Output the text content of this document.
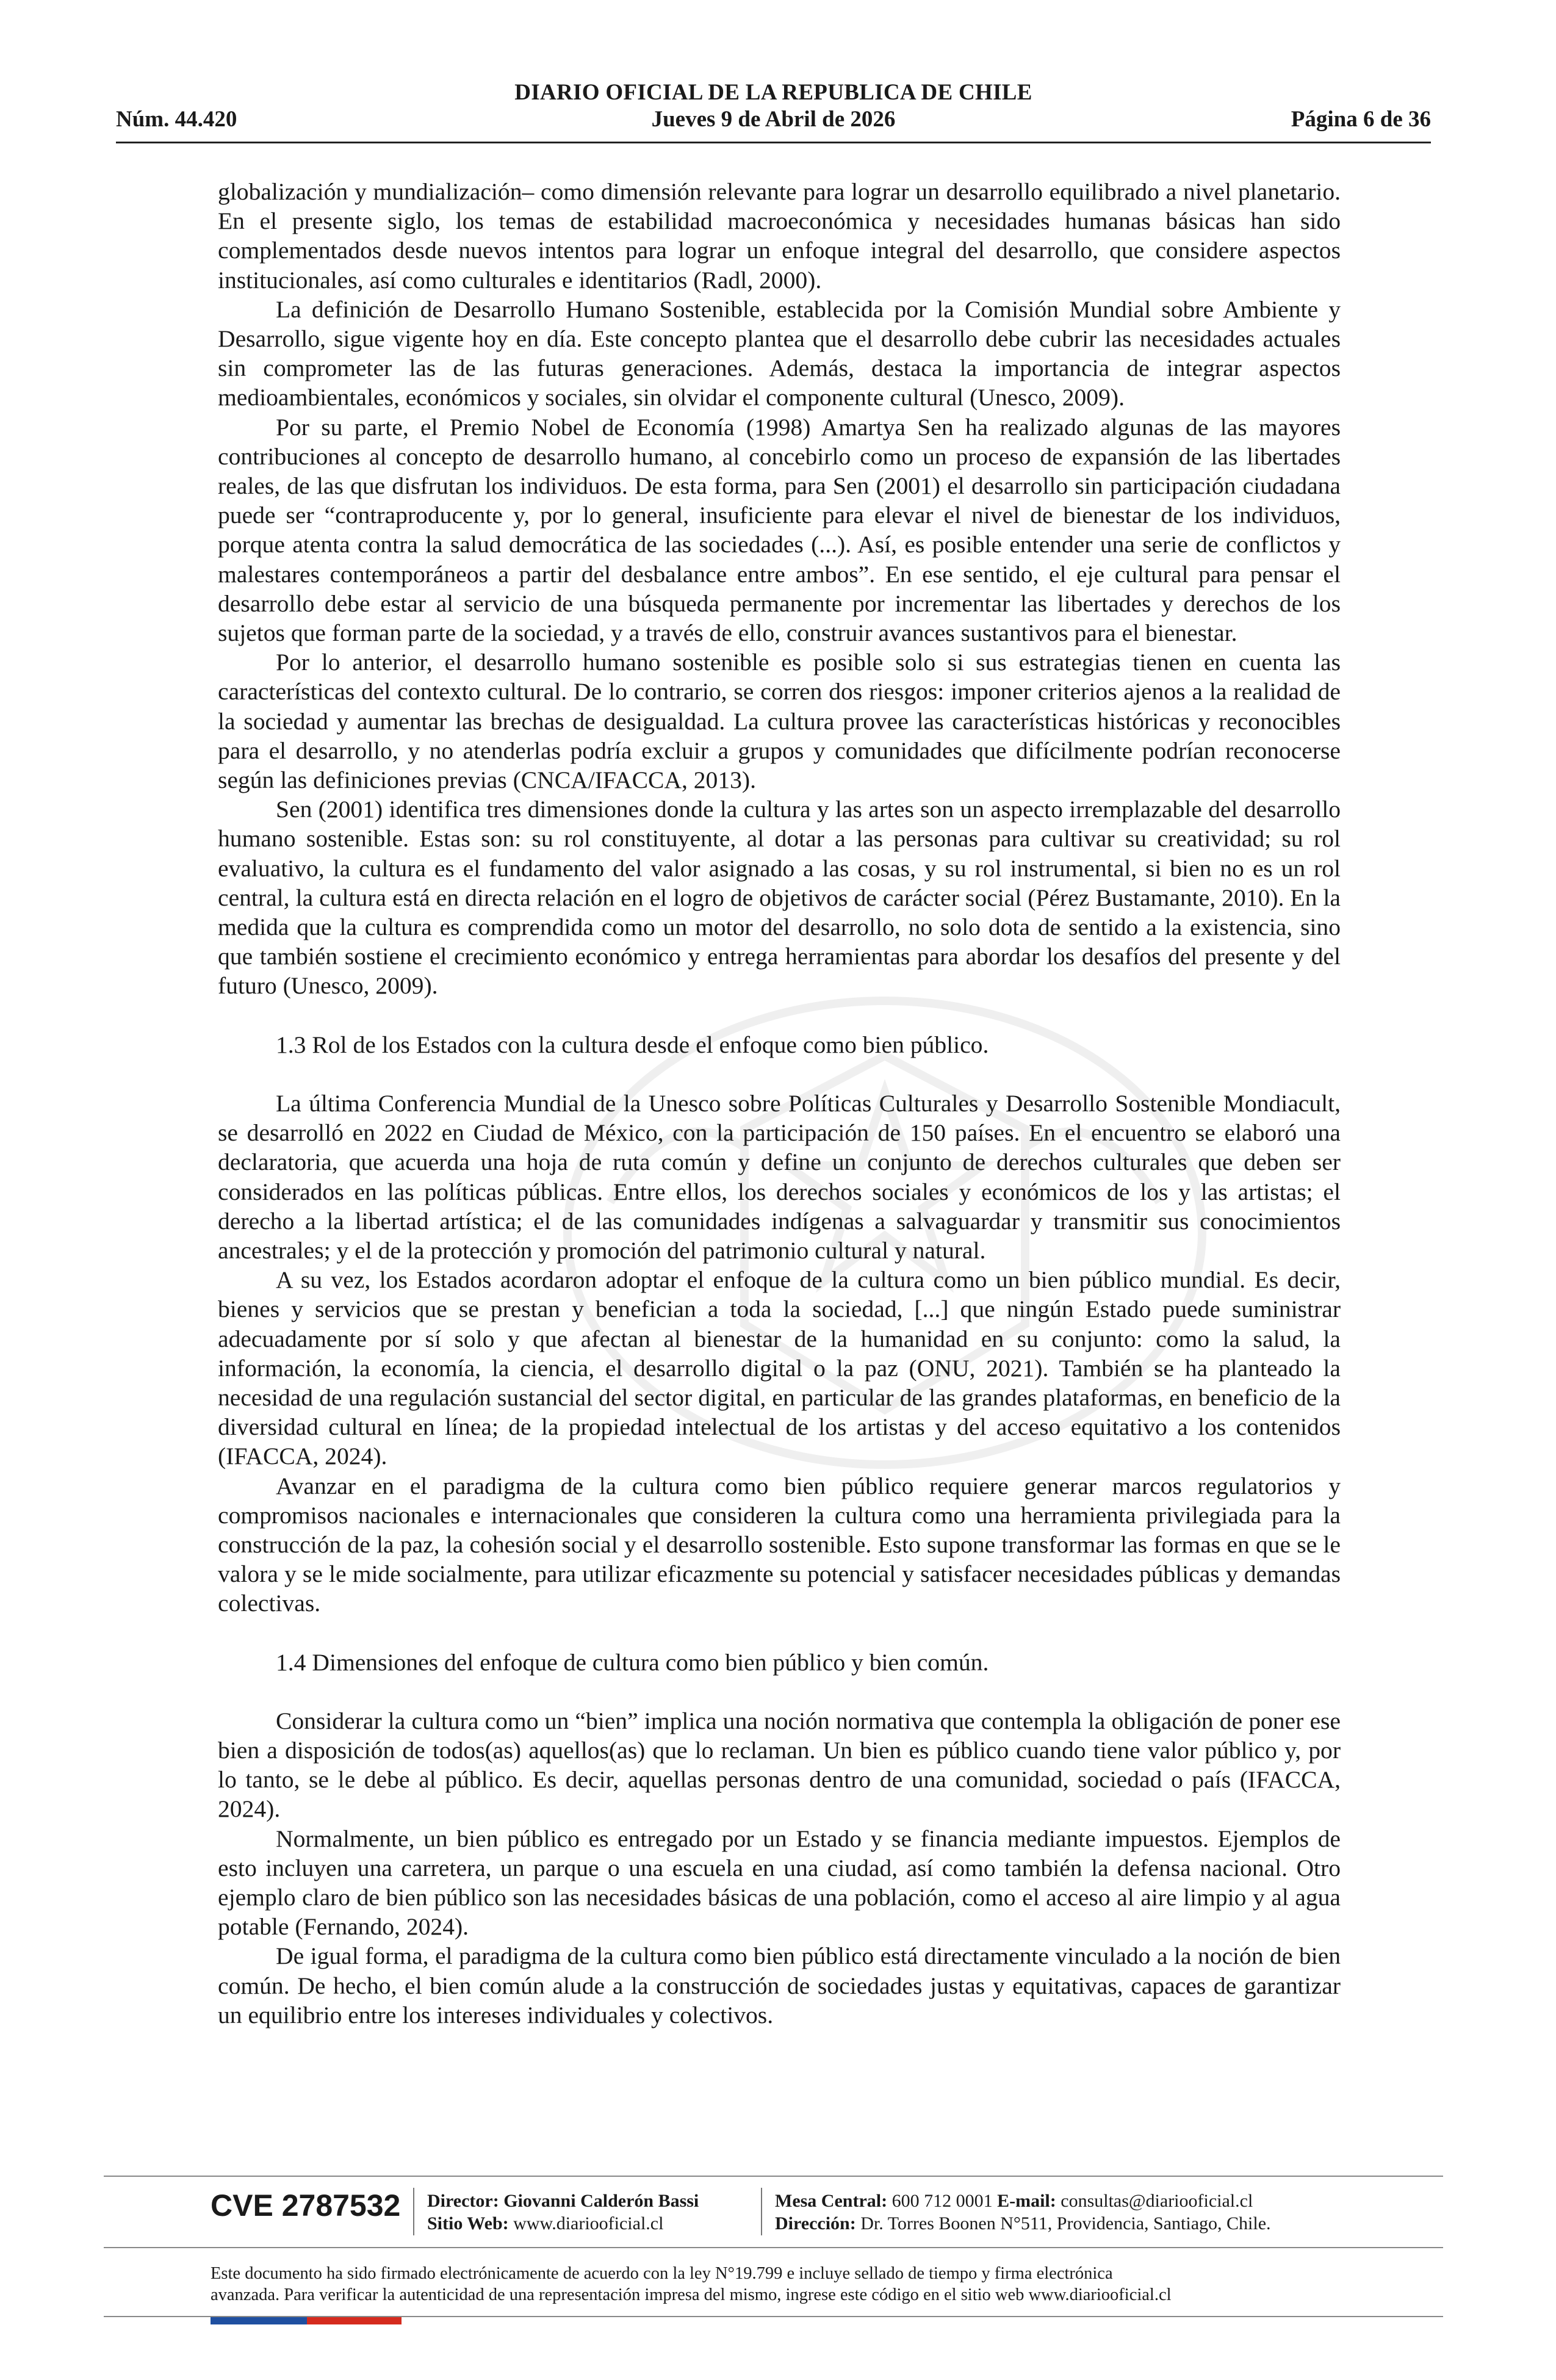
DIARIO OFICIAL DE LA REPUBLICA DE CHILE
Núm. 44.420	Jueves 9 de Abril de 2026	Página 6 de 36

globalización y mundialización– como dimensión relevante para lograr un desarrollo equilibrado a nivel planetario. En el presente siglo, los temas de estabilidad macroeconómica y necesidades humanas básicas han sido complementados desde nuevos intentos para lograr un enfoque integral del desarrollo, que considere aspectos institucionales, así como culturales e identitarios (Radl, 2000).

La definición de Desarrollo Humano Sostenible, establecida por la Comisión Mundial sobre Ambiente y Desarrollo, sigue vigente hoy en día. Este concepto plantea que el desarrollo debe cubrir las necesidades actuales sin comprometer las de las futuras generaciones. Además, destaca la importancia de integrar aspectos medioambientales, económicos y sociales, sin olvidar el componente cultural (Unesco, 2009).

Por su parte, el Premio Nobel de Economía (1998) Amartya Sen ha realizado algunas de las mayores contribuciones al concepto de desarrollo humano, al concebirlo como un proceso de expansión de las libertades reales, de las que disfrutan los individuos. De esta forma, para Sen (2001) el desarrollo sin participación ciudadana puede ser “contraproducente y, por lo general, insuficiente para elevar el nivel de bienestar de los individuos, porque atenta contra la salud democrática de las sociedades (...). Así, es posible entender una serie de conflictos y malestares contemporáneos a partir del desbalance entre ambos”. En ese sentido, el eje cultural para pensar el desarrollo debe estar al servicio de una búsqueda permanente por incrementar las libertades y derechos de los sujetos que forman parte de la sociedad, y a través de ello, construir avances sustantivos para el bienestar.

Por lo anterior, el desarrollo humano sostenible es posible solo si sus estrategias tienen en cuenta las características del contexto cultural. De lo contrario, se corren dos riesgos: imponer criterios ajenos a la realidad de la sociedad y aumentar las brechas de desigualdad. La cultura provee las características históricas y reconocibles para el desarrollo, y no atenderlas podría excluir a grupos y comunidades que difícilmente podrían reconocerse según las definiciones previas (CNCA/IFACCA, 2013).

Sen (2001) identifica tres dimensiones donde la cultura y las artes son un aspecto irremplazable del desarrollo humano sostenible. Estas son: su rol constituyente, al dotar a las personas para cultivar su creatividad; su rol evaluativo, la cultura es el fundamento del valor asignado a las cosas, y su rol instrumental, si bien no es un rol central, la cultura está en directa relación en el logro de objetivos de carácter social (Pérez Bustamante, 2010). En la medida que la cultura es comprendida como un motor del desarrollo, no solo dota de sentido a la existencia, sino que también sostiene el crecimiento económico y entrega herramientas para abordar los desafíos del presente y del futuro (Unesco, 2009).

1.3 Rol de los Estados con la cultura desde el enfoque como bien público.

La última Conferencia Mundial de la Unesco sobre Políticas Culturales y Desarrollo Sostenible Mondiacult, se desarrolló en 2022 en Ciudad de México, con la participación de 150 países. En el encuentro se elaboró una declaratoria, que acuerda una hoja de ruta común y define un conjunto de derechos culturales que deben ser considerados en las políticas públicas. Entre ellos, los derechos sociales y económicos de los y las artistas; el derecho a la libertad artística; el de las comunidades indígenas a salvaguardar y transmitir sus conocimientos ancestrales; y el de la protección y promoción del patrimonio cultural y natural.

A su vez, los Estados acordaron adoptar el enfoque de la cultura como un bien público mundial. Es decir, bienes y servicios que se prestan y benefician a toda la sociedad, [...] que ningún Estado puede suministrar adecuadamente por sí solo y que afectan al bienestar de la humanidad en su conjunto: como la salud, la información, la economía, la ciencia, el desarrollo digital o la paz (ONU, 2021). También se ha planteado la necesidad de una regulación sustancial del sector digital, en particular de las grandes plataformas, en beneficio de la diversidad cultural en línea; de la propiedad intelectual de los artistas y del acceso equitativo a los contenidos (IFACCA, 2024).

Avanzar en el paradigma de la cultura como bien público requiere generar marcos regulatorios y compromisos nacionales e internacionales que consideren la cultura como una herramienta privilegiada para la construcción de la paz, la cohesión social y el desarrollo sostenible. Esto supone transformar las formas en que se le valora y se le mide socialmente, para utilizar eficazmente su potencial y satisfacer necesidades públicas y demandas colectivas.

1.4 Dimensiones del enfoque de cultura como bien público y bien común.

Considerar la cultura como un “bien” implica una noción normativa que contempla la obligación de poner ese bien a disposición de todos(as) aquellos(as) que lo reclaman. Un bien es público cuando tiene valor público y, por lo tanto, se le debe al público. Es decir, aquellas personas dentro de una comunidad, sociedad o país (IFACCA, 2024).

Normalmente, un bien público es entregado por un Estado y se financia mediante impuestos. Ejemplos de esto incluyen una carretera, un parque o una escuela en una ciudad, así como también la defensa nacional. Otro ejemplo claro de bien público son las necesidades básicas de una población, como el acceso al aire limpio y al agua potable (Fernando, 2024).

De igual forma, el paradigma de la cultura como bien público está directamente vinculado a la noción de bien común. De hecho, el bien común alude a la construcción de sociedades justas y equitativas, capaces de garantizar un equilibrio entre los intereses individuales y colectivos.

CVE 2787532 Director: Giovanni Calderón Bassi
Sitio Web: www.diariooficial.cl
Mesa Central: 600 712 0001 E-mail: consultas@diariooficial.cl
Dirección: Dr. Torres Boonen N°511, Providencia, Santiago, Chile.
Este documento ha sido firmado electrónicamente de acuerdo con la ley N°19.799 e incluye sellado de tiempo y firma electrónica
avanzada. Para verificar la autenticidad de una representación impresa del mismo, ingrese este código en el sitio web www.diariooficial.cl
